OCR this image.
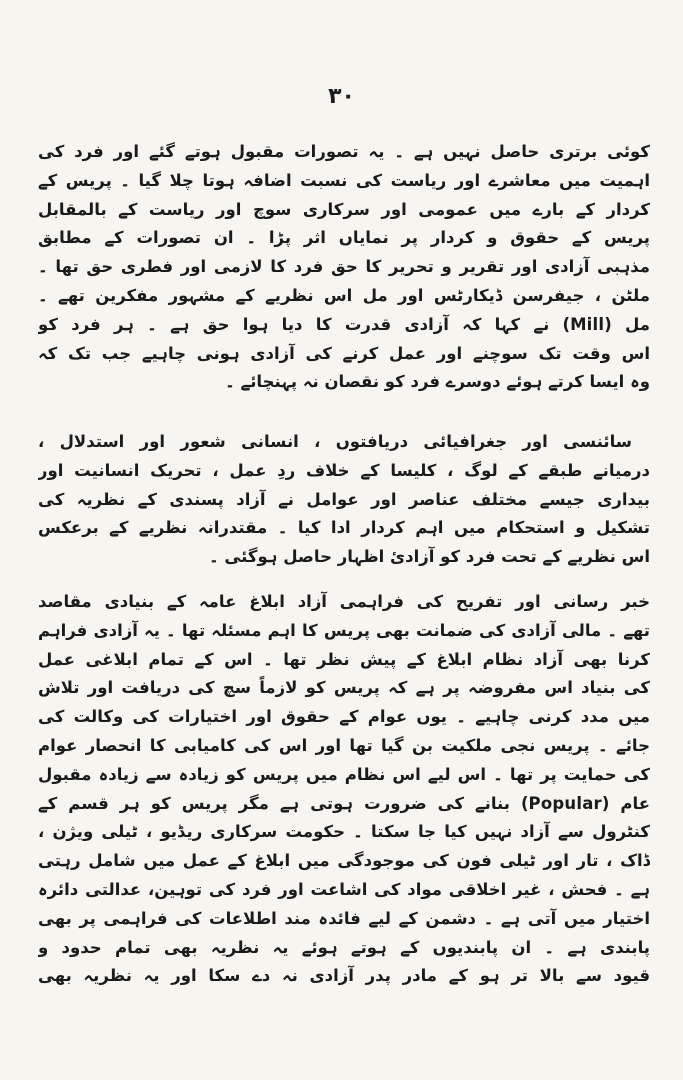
۳۰
کوئی برتری حاصل نہیں ہے ۔ یہ تصورات مقبول ہوتے گئے اور فرد کی
اہمیت میں معاشرے اور ریاست کی نسبت اضافہ ہوتا چلا گیا ۔ پریس کے
کردار کے بارے میں عمومی اور سرکاری سوچ اور ریاست کے بالمقابل
پریس کے حقوق و کردار پر نمایاں اثر پڑا ۔ ان تصورات کے مطابق
مذہبی آزادی اور تقریر و تحریر کا حق فرد کا لازمی اور فطری حق تھا ۔
ملٹن ، جیفرسن ڈیکارٹس اور مل اس نظریے کے مشہور مفکرین تھے ۔
مل (Mill) نے کہا کہ آزادی قدرت کا دیا ہوا حق ہے ۔ ہر فرد کو
اس وقت تک سوچنے اور عمل کرنے کی آزادی ہونی چاہیے جب تک کہ
وہ ایسا کرتے ہوئے دوسرے فرد کو نقصان نہ پہنچائے ۔
سائنسی اور جغرافیائی دریافتوں ، انسانی شعور اور استدلال ،
درمیانے طبقے کے لوگ ، کلیسا کے خلاف ردِ عمل ، تحریک انسانیت اور
بیداری جیسے مختلف عناصر اور عوامل نے آزاد پسندی کے نظریہ کی
تشکیل و استحکام میں اہم کردار ادا کیا ۔ مقتدرانہ نظریے کے برعکس
اس نظریے کے تحت فرد کو آزادیٔ اظہار حاصل ہوگئی ۔
خبر رسانی اور تفریح کی فراہمی آزاد ابلاغ عامہ کے بنیادی مقاصد
تھے ۔ مالی آزادی کی ضمانت بھی پریس کا اہم مسئلہ تھا ۔ یہ آزادی فراہم
کرنا بھی آزاد نظام ابلاغ کے پیش نظر تھا ۔ اس کے تمام ابلاغی عمل
کی بنیاد اس مفروضہ پر ہے کہ پریس کو لازماً سچ کی دریافت اور تلاش
میں مدد کرنی چاہیے ۔ یوں عوام کے حقوق اور اختیارات کی وکالت کی
جائے ۔ پریس نجی ملکیت بن گیا تھا اور اس کی کامیابی کا انحصار عوام
کی حمایت پر تھا ۔ اس لیے اس نظام میں پریس کو زیادہ سے زیادہ مقبول
عام (Popular) بنانے کی ضرورت ہوتی ہے مگر پریس کو ہر قسم کے
کنٹرول سے آزاد نہیں کیا جا سکتا ۔ حکومت سرکاری ریڈیو ، ٹیلی ویژن ،
ڈاک ، تار اور ٹیلی فون کی موجودگی میں ابلاغ کے عمل میں شامل رہتی
ہے ۔ فحش ، غیر اخلاقی مواد کی اشاعت اور فرد کی توہین، عدالتی دائرہ
اختیار میں آتی ہے ۔ دشمن کے لیے فائدہ مند اطلاعات کی فراہمی پر بھی
پابندی ہے ۔ ان پابندیوں کے ہوتے ہوئے یہ نظریہ بھی تمام حدود و
قیود سے بالا تر ہو کے مادر پدر آزادی نہ دے سکا اور یہ نظریہ بھی
